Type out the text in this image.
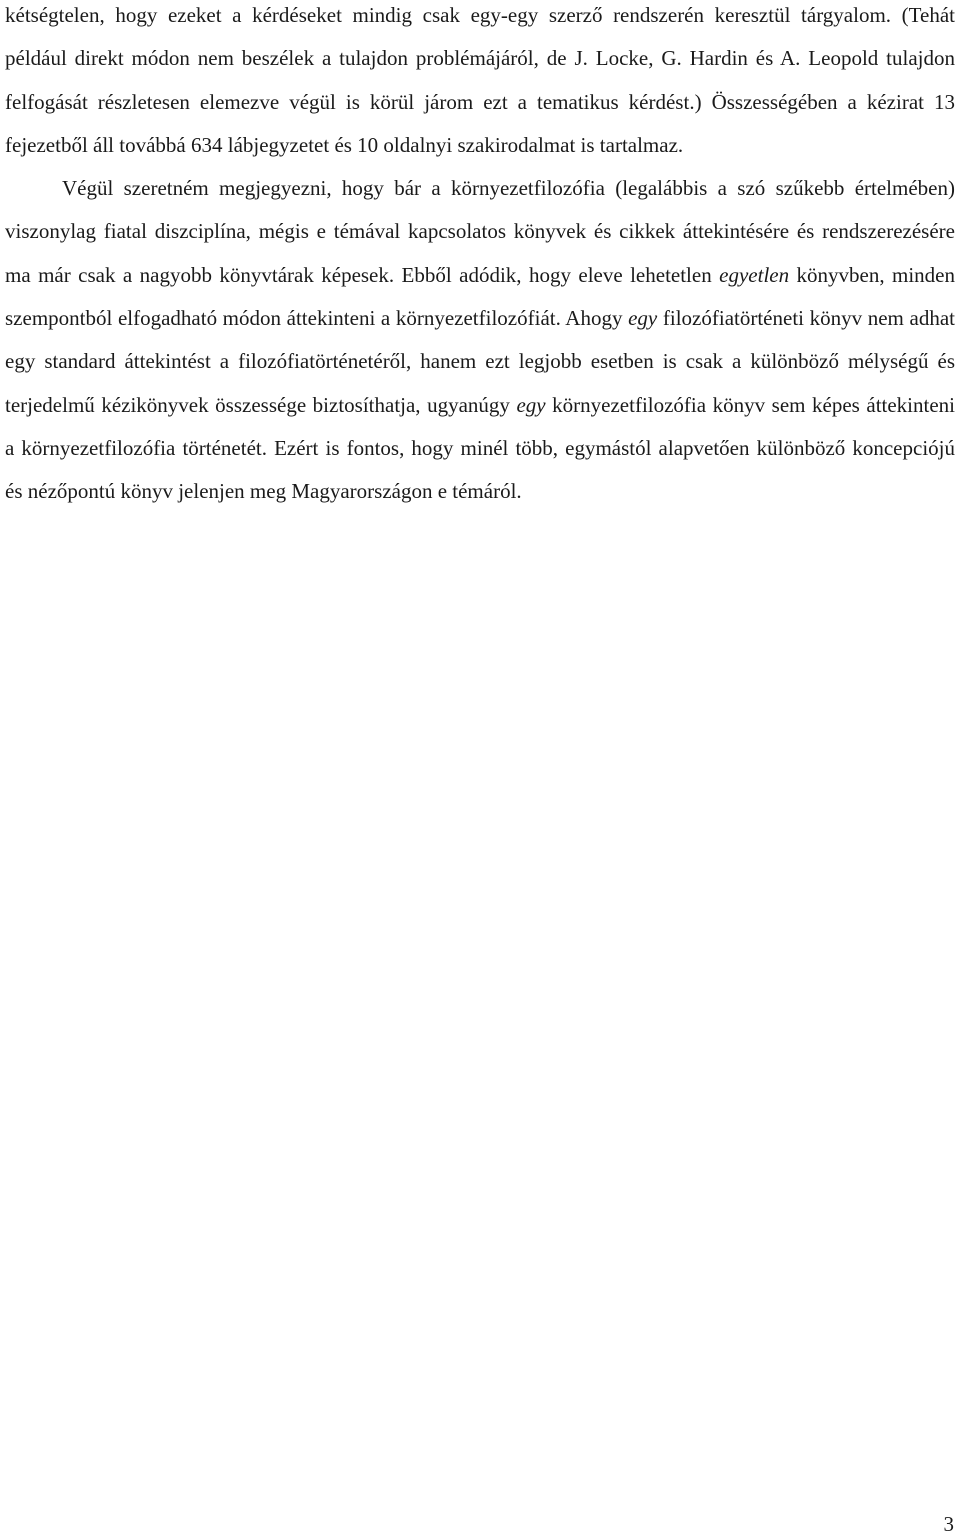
kétségtelen, hogy ezeket a kérdéseket mindig csak egy-egy szerző rendszerén keresztül tárgyalom. (Tehát például direkt módon nem beszélek a tulajdon problémájáról, de J. Locke, G. Hardin és A. Leopold tulajdon felfogását részletesen elemezve végül is körül járom ezt a tematikus kérdést.) Összességében a kézirat 13 fejezetből áll továbbá 634 lábjegyzetet és 10 oldalnyi szakirodalmat is tartalmaz.

Végül szeretném megjegyezni, hogy bár a környezetfilozófia (legalábbis a szó szűkebb értelmében) viszonylag fiatal diszciplína, mégis e témával kapcsolatos könyvek és cikkek áttekintésére és rendszerezésére ma már csak a nagyobb könyvtárak képesek. Ebből adódik, hogy eleve lehetetlen egyetlen könyvben, minden szempontból elfogadható módon áttekinteni a környezetfilozófiát. Ahogy egy filozófiatörténeti könyv nem adhat egy standard áttekintést a filozófiatörténetéről, hanem ezt legjobb esetben is csak a különböző mélységű és terjedelmű kézikönyvek összessége biztosíthatja, ugyanúgy egy környezetfilozófia könyv sem képes áttekinteni a környezetfilozófia történetét. Ezért is fontos, hogy minél több, egymástól alapvetően különböző koncepciójú és nézőpontú könyv jelenjen meg Magyarországon e témáról.

3
